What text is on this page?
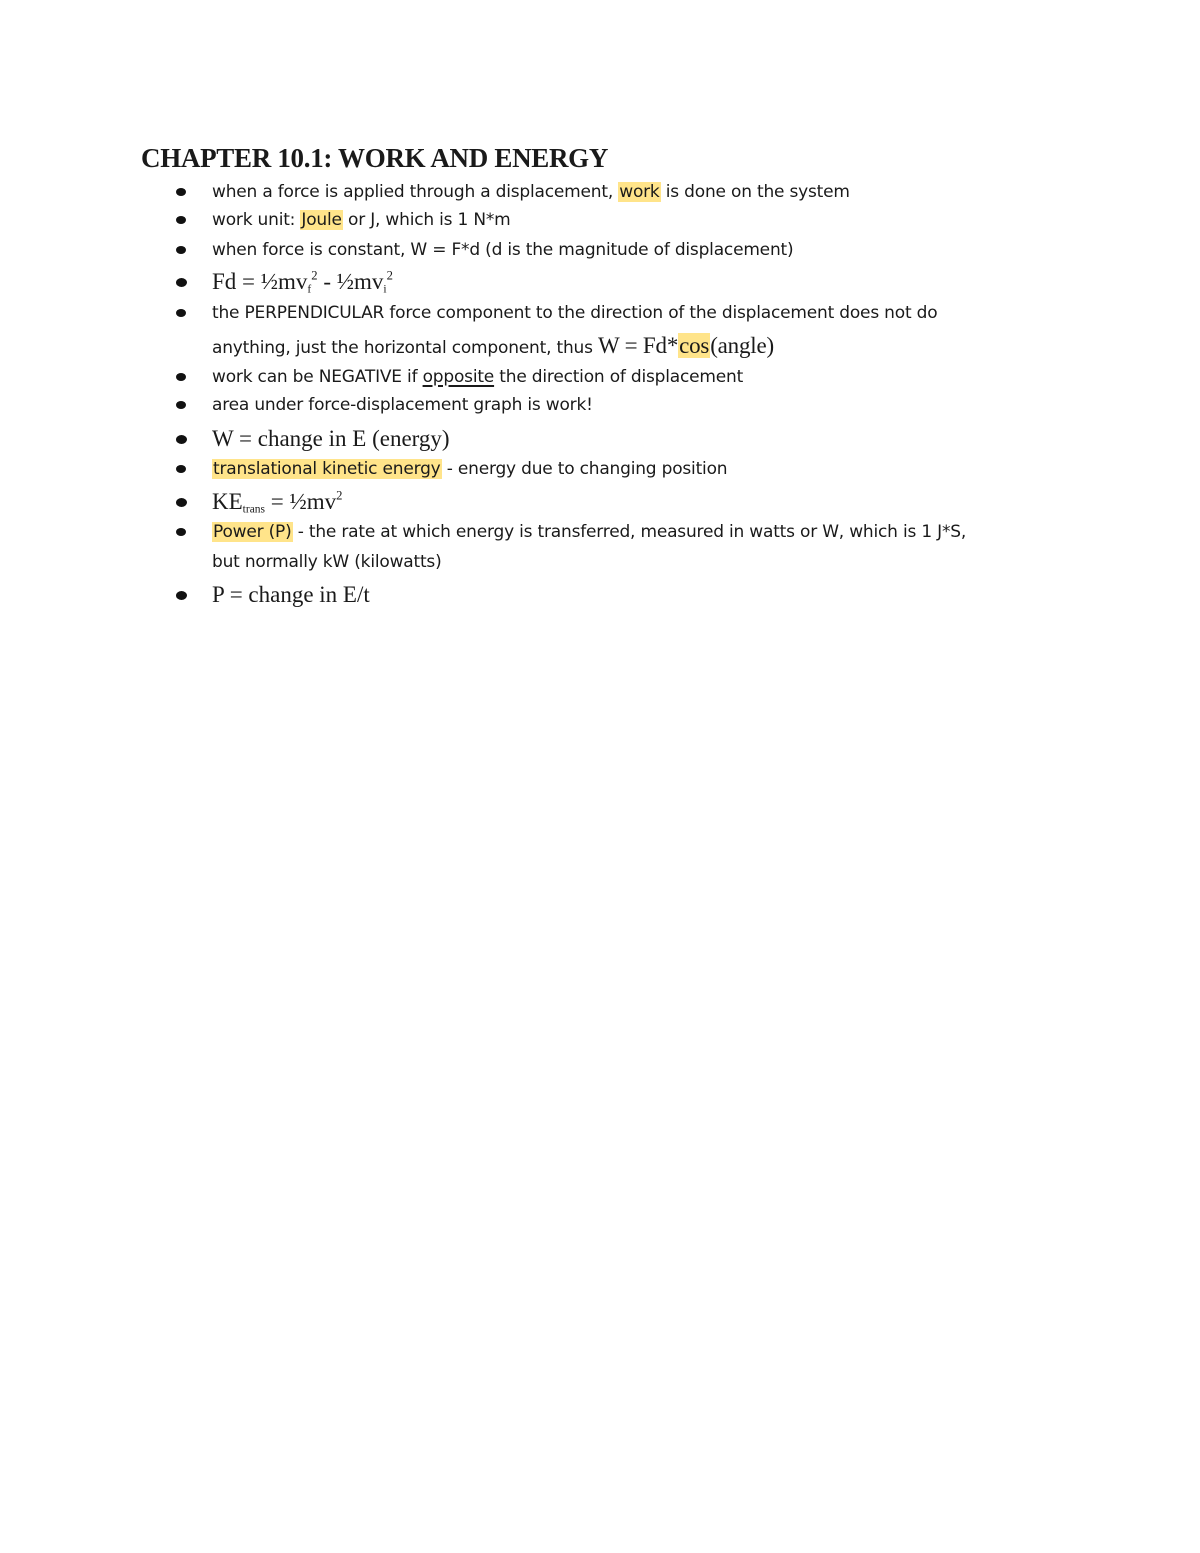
CHAPTER 10.1: WORK AND ENERGY
when a force is applied through a displacement, work is done on the system
work unit: Joule or J, which is 1 N*m
when force is constant, W = F*d (d is the magnitude of displacement)
$Fd = \frac{1}{2}mv_f^2$ - $\frac{1}{2}mv_i^2$
the PERPENDICULAR force component to the direction of the displacement does not do
anything, just the horizontal component, thus W = Fd*cos(angle)
work can be NEGATIVE if opposite the direction of displacement
area under force-displacement graph is work!
W = change in E (energy)
translational kinetic energy - energy due to changing position
$KE_{trans}$ = $\frac{1}{2}mv^2$
Power (P) - the rate at which energy is transferred, measured in watts or W, which is 1 J*S,
but normally kW (kilowatts)
P = change in E/t
